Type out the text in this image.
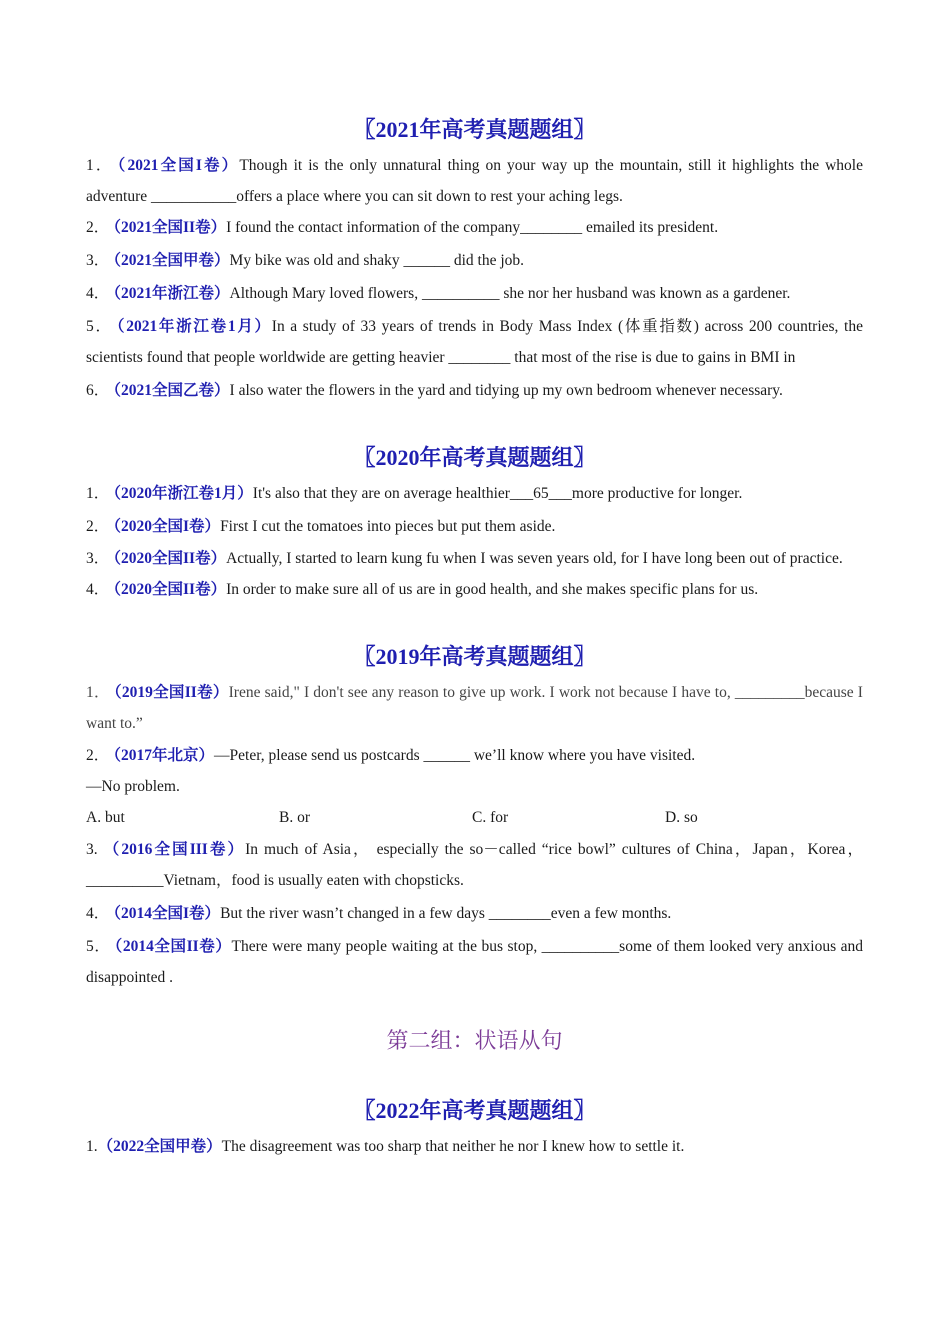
〖2021年高考真题题组〗
1． （2021全国I卷）Though it is the only unnatural thing on your way up the mountain, still it highlights the whole adventure ___________offers a place where you can sit down to rest your aching legs.
2． （2021全国II卷）I found the contact information of the company________ emailed its president.
3． （2021全国甲卷）My bike was old and shaky ______ did the job.
4． （2021年浙江卷）Although Mary loved flowers, __________ she nor her husband was known as a gardener.
5． （2021年浙江卷1月）In a study of 33 years of trends in Body Mass Index (体重指数) across 200 countries, the scientists found that people worldwide are getting heavier ________ that most of the rise is due to gains in BMI in
6． （2021全国乙卷）I also water the flowers in the yard and tidying up my own bedroom whenever necessary.
〖2020年高考真题题组〗
1． （2020年浙江卷1月）It's also that they are on average healthier___65___more productive for longer.
2． （2020全国I卷）First I cut the tomatoes into pieces but put them aside.
3． （2020全国II卷）Actually, I started to learn kung fu when I was seven years old, for I have long been out of practice.
4． （2020全国II卷）In order to make sure all of us are in good health, and she makes specific plans for us.
〖2019年高考真题题组〗
1． （2019全国II卷）Irene said," I don't see any reason to give up work. I work not because I have to, _________because I want to.”
2． （2017年北京）—Peter, please send us postcards ______ we’ll know where you have visited.
—No problem.
A. but	B. or	C. for	D. so
3. （2016全国III卷）In much of Asia， especially the so－called “rice bowl” cultures of China，Japan，Korea，__________Vietnam，food is usually eaten with chopsticks.
4． （2014全国I卷）But the river wasn’t changed in a few days ________even a few months.
5． （2014全国II卷）There were many people waiting at the bus stop, __________some of them looked very anxious and disappointed .
第二组：状语从句
〖2022年高考真题题组〗
1.（2022全国甲卷）The disagreement was too sharp that neither he nor I knew how to settle it.
